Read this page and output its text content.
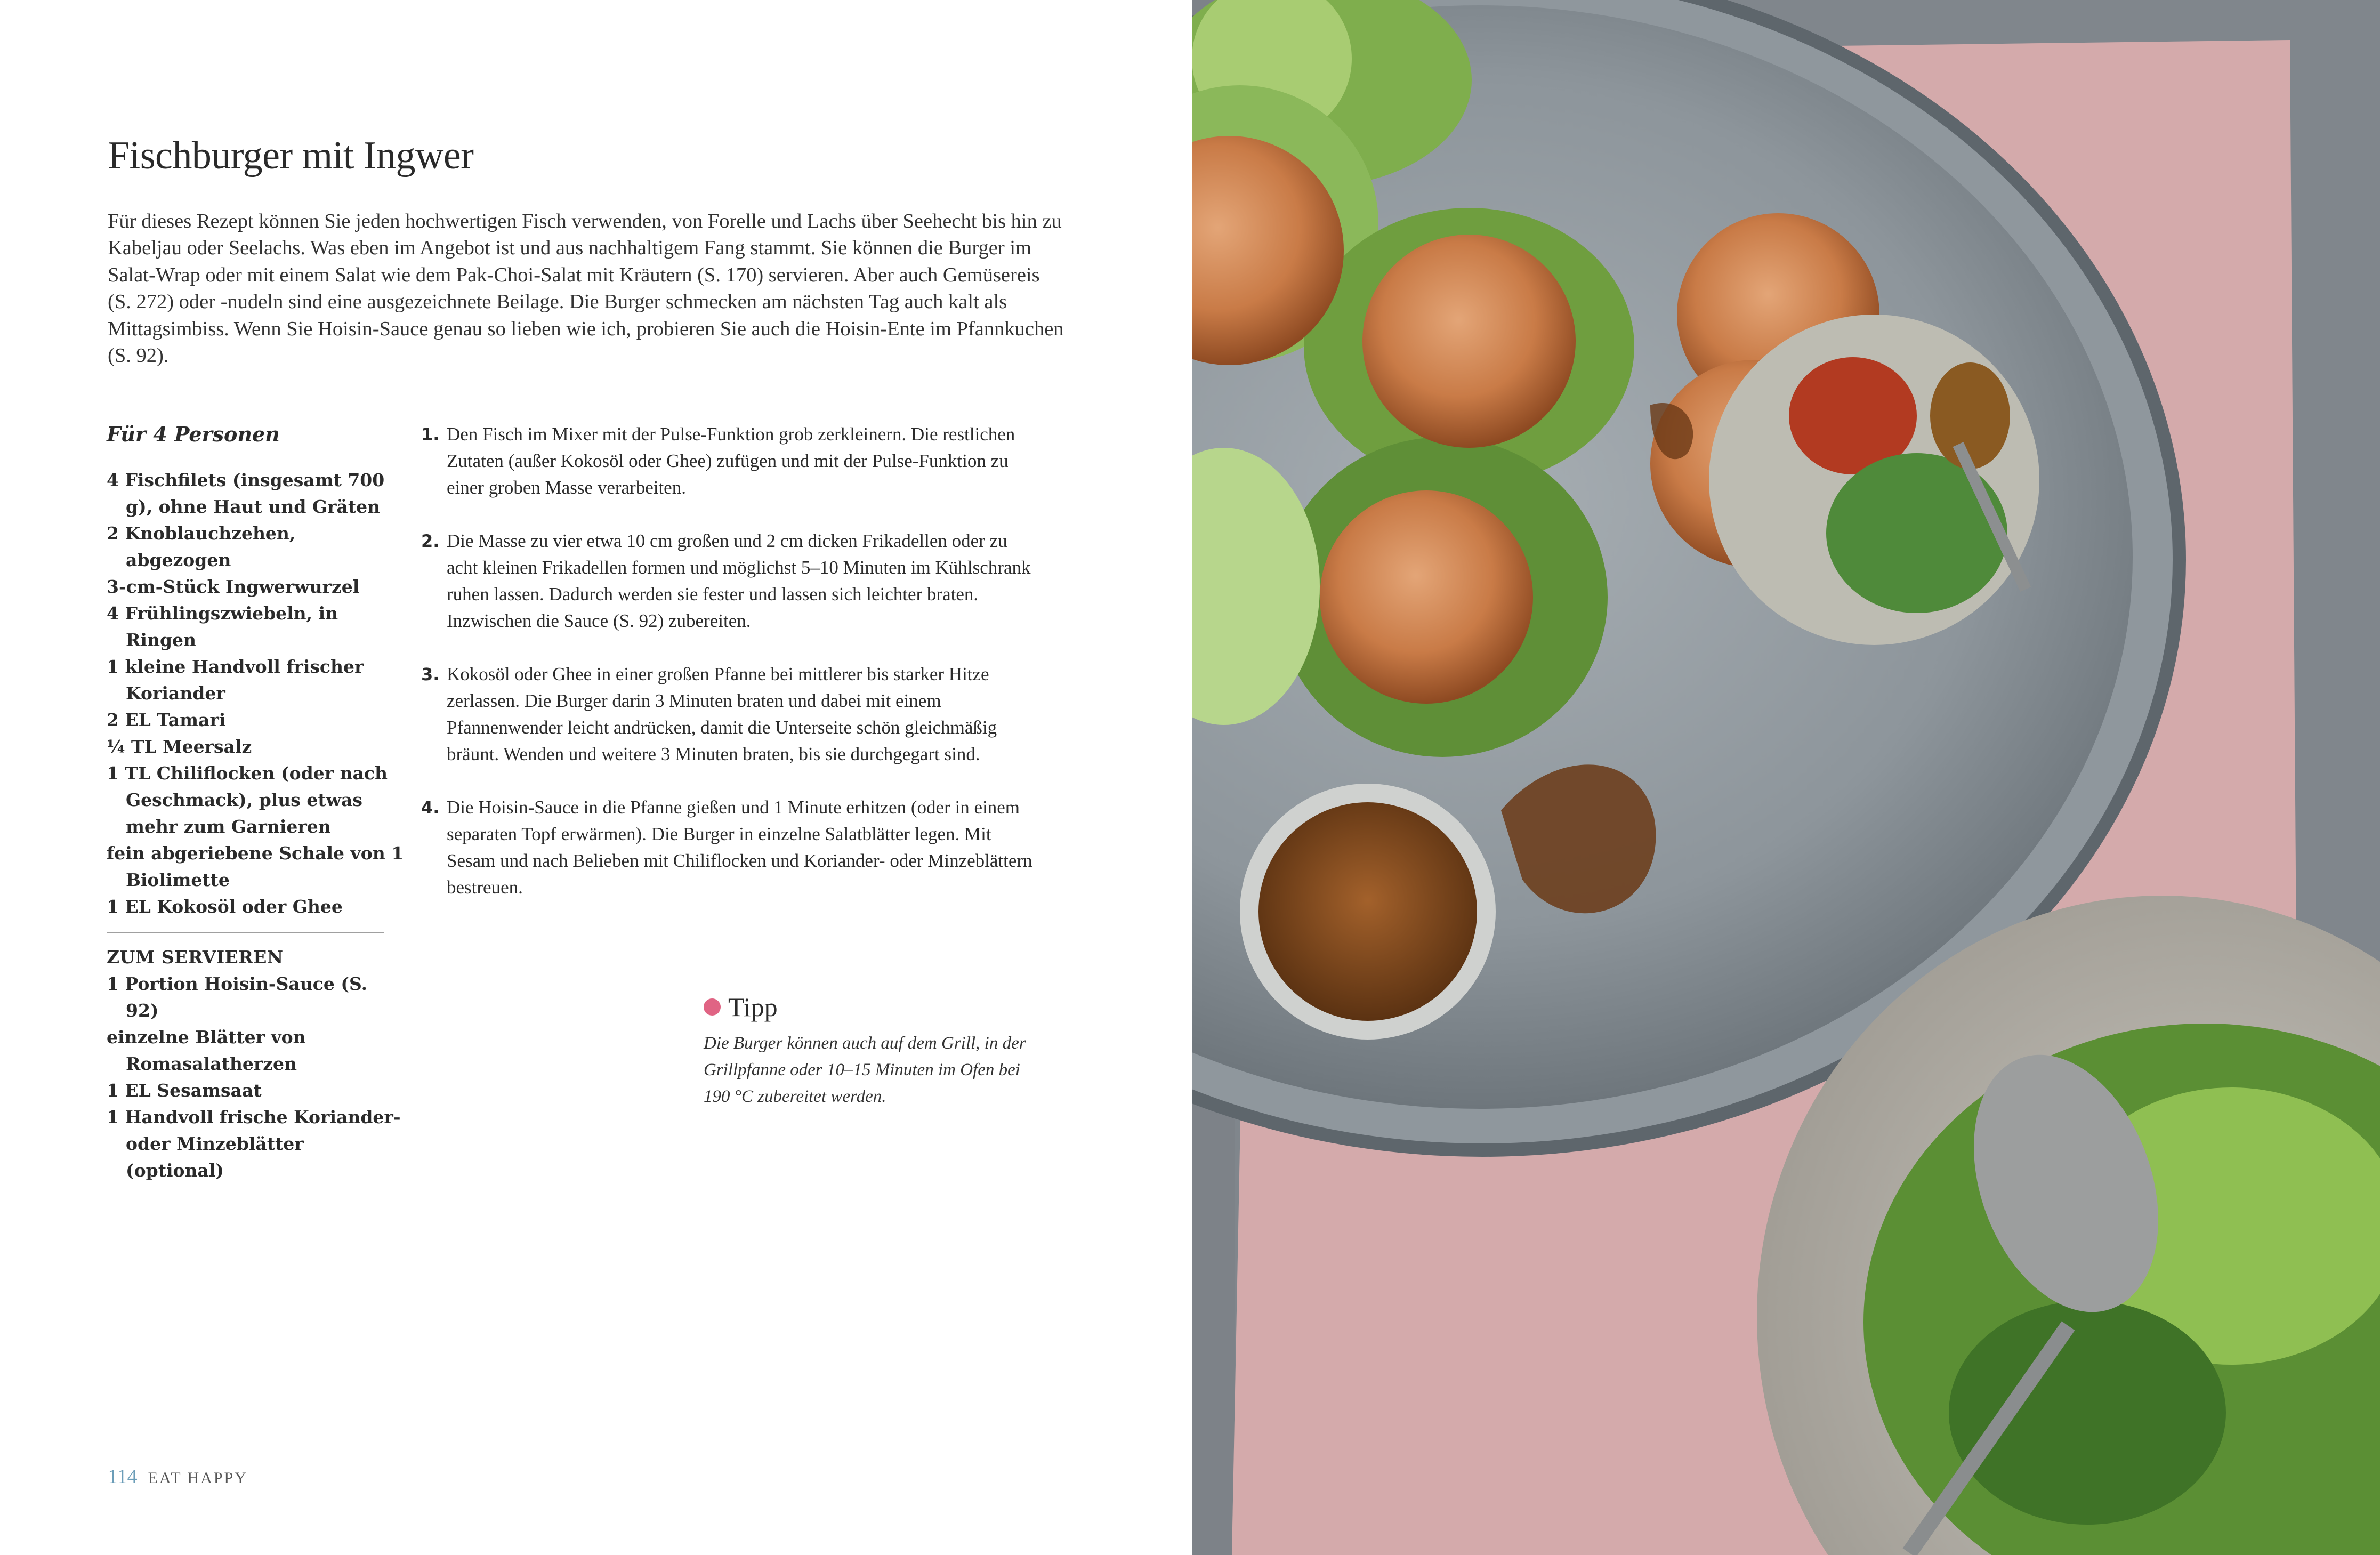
Fischburger mit Ingwer

Für dieses Rezept können Sie jeden hochwertigen Fisch verwenden, von Forelle und Lachs über Seehecht bis hin zu Kabeljau oder Seelachs. Was eben im Angebot ist und aus nachhaltigem Fang stammt. Sie können die Burger im Salat-Wrap oder mit einem Salat wie dem Pak-Choi-Salat mit Kräutern (S. 170) servieren. Aber auch Gemüsereis (S. 272) oder -nudeln sind eine ausgezeichnete Beilage. Die Burger schmecken am nächsten Tag auch kalt als Mittagsimbiss. Wenn Sie Hoisin-Sauce genau so lieben wie ich, probieren Sie auch die Hoisin-Ente im Pfannkuchen (S. 92).

Für 4 Personen
4 Fischfilets (insgesamt 700 g), ohne Haut und Gräten
2 Knoblauchzehen, abgezogen
3-cm-Stück Ingwerwurzel
4 Frühlingszwiebeln, in Ringen
1 kleine Handvoll frischer Koriander
2 EL Tamari
¼ TL Meersalz
1 TL Chiliflocken (oder nach Geschmack), plus etwas mehr zum Garnieren
fein abgeriebene Schale von 1 Biolimette
1 EL Kokosöl oder Ghee
ZUM SERVIEREN
1 Portion Hoisin-Sauce (S. 92)
einzelne Blätter von Romasalatherzen
1 EL Sesamsaat
1 Handvoll frische Koriander- oder Minzeblätter (optional)
1. Den Fisch im Mixer mit der Pulse-Funktion grob zerkleinern. Die restlichen Zutaten (außer Kokosöl oder Ghee) zufügen und mit der Pulse-Funktion zu einer groben Masse verarbeiten.
2. Die Masse zu vier etwa 10 cm großen und 2 cm dicken Frikadellen oder zu acht kleinen Frikadellen formen und möglichst 5–10 Minuten im Kühlschrank ruhen lassen. Dadurch werden sie fester und lassen sich leichter braten. Inzwischen die Sauce (S. 92) zubereiten.
3. Kokosöl oder Ghee in einer großen Pfanne bei mittlerer bis starker Hitze zerlassen. Die Burger darin 3 Minuten braten und dabei mit einem Pfannenwender leicht andrücken, damit die Unterseite schön gleichmäßig bräunt. Wenden und weitere 3 Minuten braten, bis sie durchgegart sind.
4. Die Hoisin-Sauce in die Pfanne gießen und 1 Minute erhitzen (oder in einem separaten Topf erwärmen). Die Burger in einzelne Salatblätter legen. Mit Sesam und nach Belieben mit Chiliflocken und Koriander- oder Minzeblättern bestreuen.
Tipp

Die Burger können auch auf dem Grill, in der Grillpfanne oder 10–15 Minuten im Ofen bei 190 °C zubereitet werden.

114 EAT HAPPY
